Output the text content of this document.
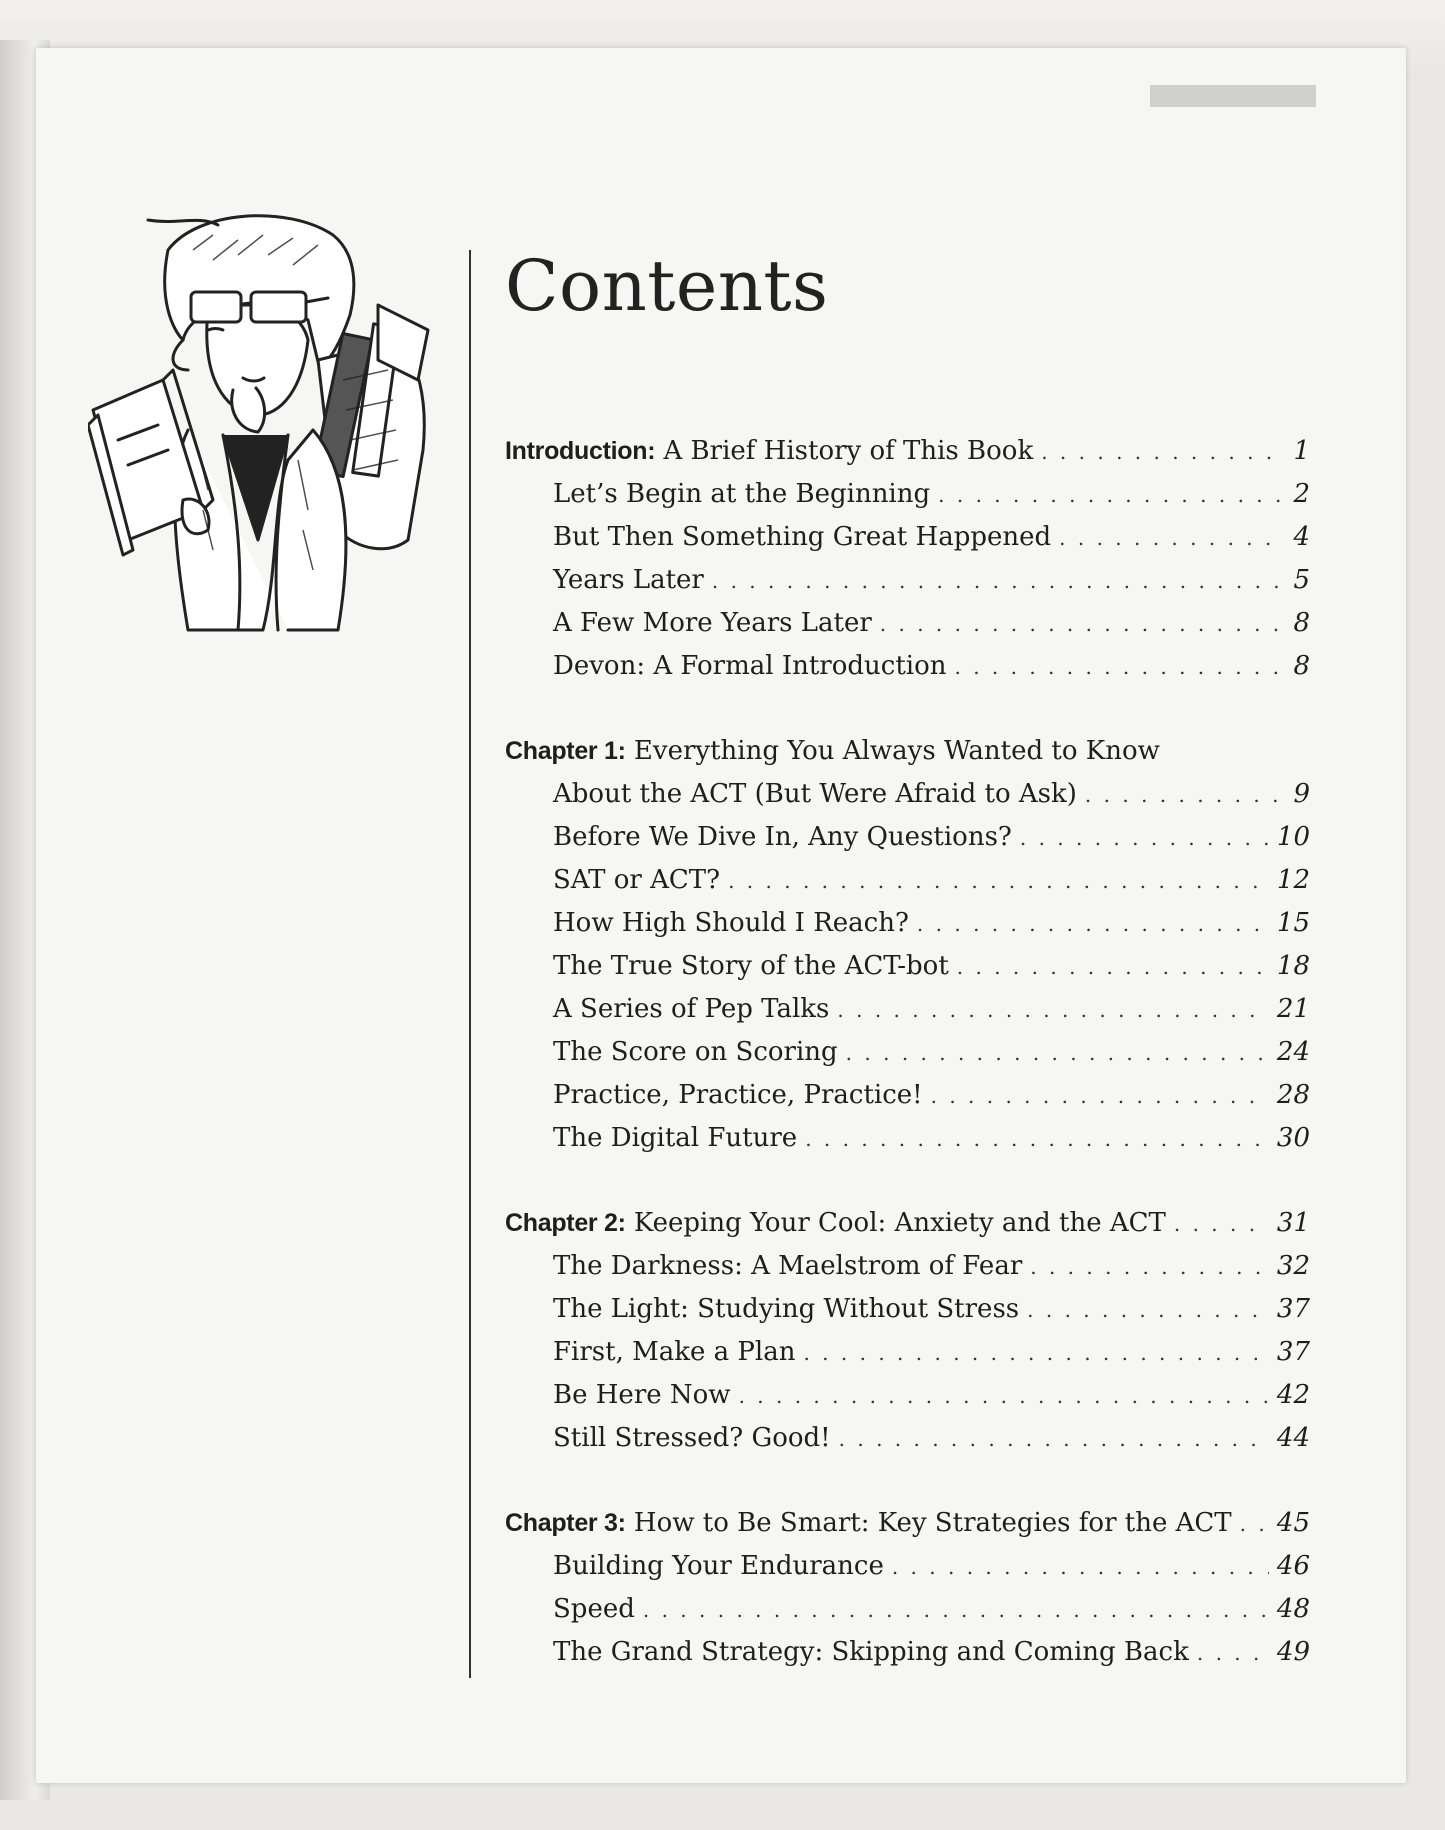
Contents
Introduction: A Brief History of This Book . . .	1
Let’s Begin at the Beginning . . .	2
But Then Something Great Happened . . .	4
Years Later . . .	5
A Few More Years Later . . .	8
Devon: A Formal Introduction . . .	8
Chapter 1: Everything You Always Wanted to Know
About the ACT (But Were Afraid to Ask) . . .	9
Before We Dive In, Any Questions? . . .	10
SAT or ACT? . . .	12
How High Should I Reach? . . .	15
The True Story of the ACT-bot . . .	18
A Series of Pep Talks . . .	21
The Score on Scoring . . .	24
Practice, Practice, Practice! . . .	28
The Digital Future . . .	30
Chapter 2: Keeping Your Cool: Anxiety and the ACT . . .	31
The Darkness: A Maelstrom of Fear . . .	32
The Light: Studying Without Stress . . .	37
First, Make a Plan . . .	37
Be Here Now . . .	42
Still Stressed? Good! . . .	44
Chapter 3: How to Be Smart: Key Strategies for the ACT . . . 45
Building Your Endurance . . .	46
Speed . . .	48
The Grand Strategy: Skipping and Coming Back . . .	49
